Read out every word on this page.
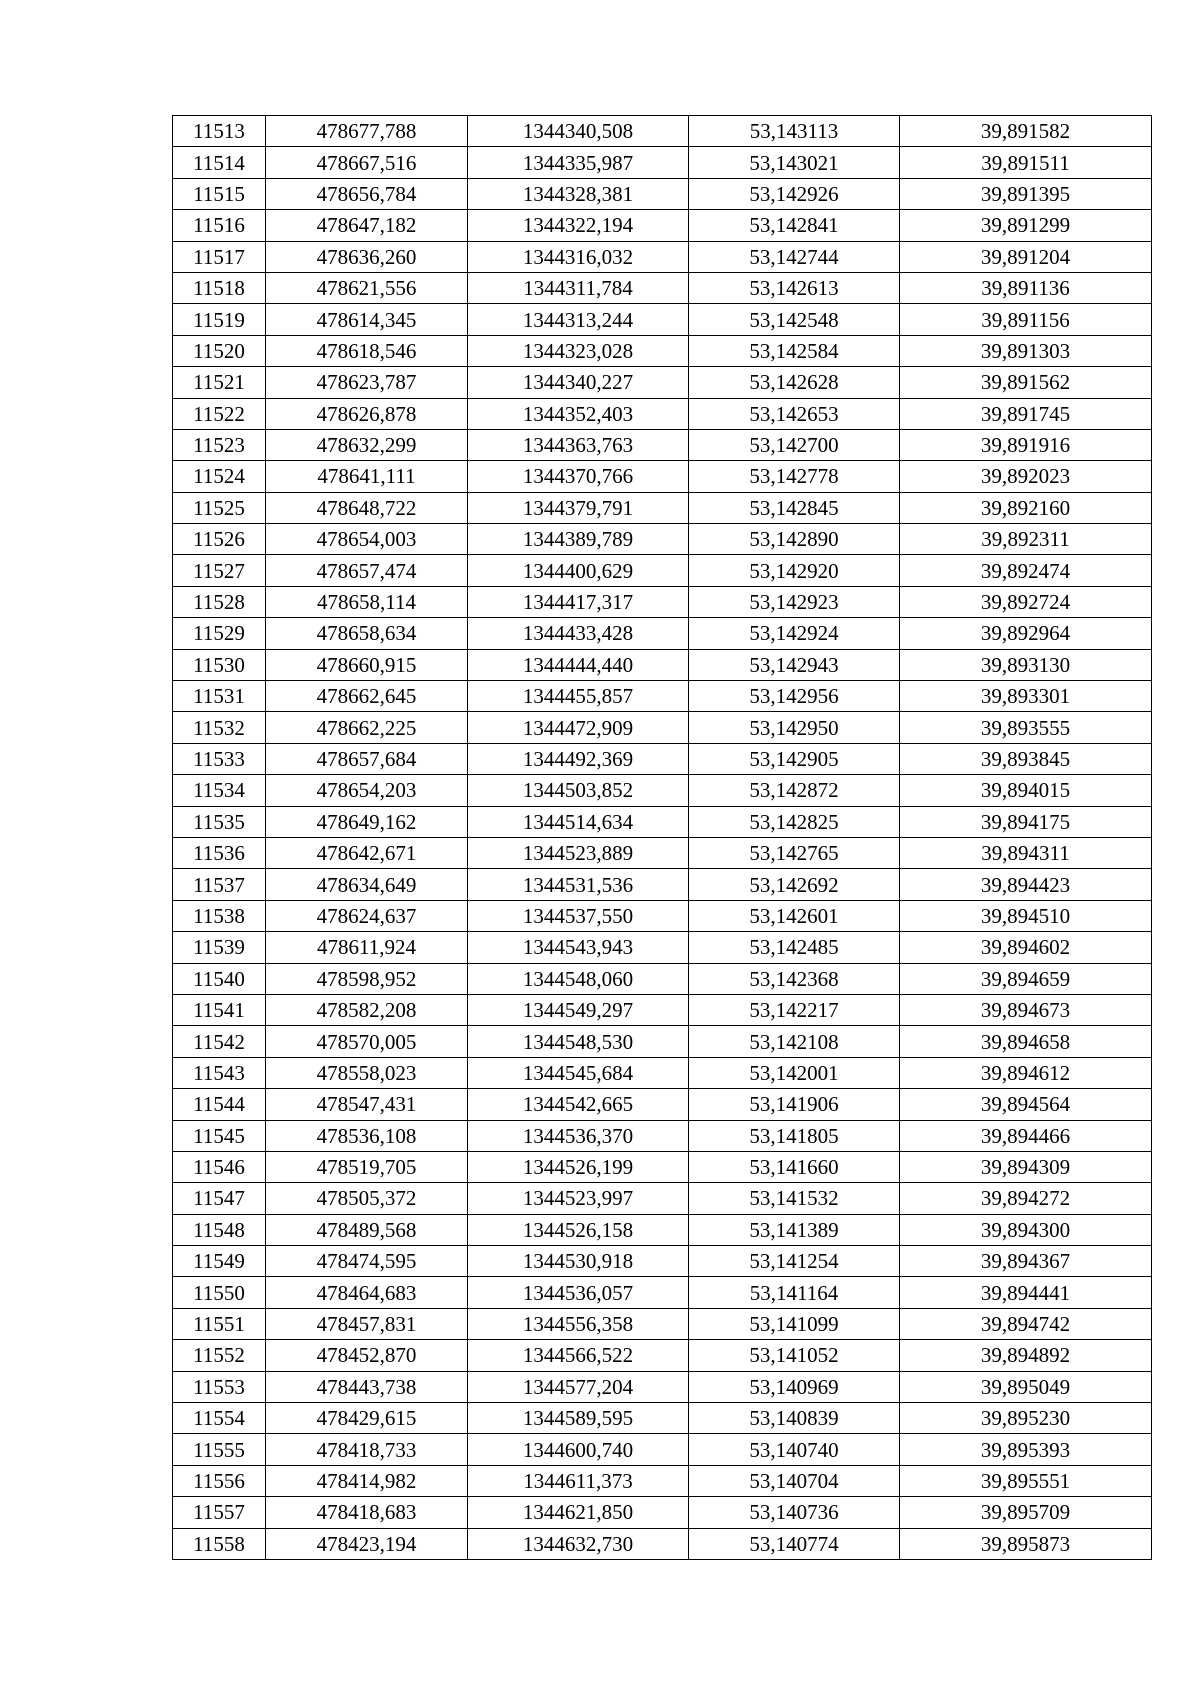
11513	478677,788	1344340,508	53,143113	39,891582
11514	478667,516	1344335,987	53,143021	39,891511
11515	478656,784	1344328,381	53,142926	39,891395
11516	478647,182	1344322,194	53,142841	39,891299
11517	478636,260	1344316,032	53,142744	39,891204
11518	478621,556	1344311,784	53,142613	39,891136
11519	478614,345	1344313,244	53,142548	39,891156
11520	478618,546	1344323,028	53,142584	39,891303
11521	478623,787	1344340,227	53,142628	39,891562
11522	478626,878	1344352,403	53,142653	39,891745
11523	478632,299	1344363,763	53,142700	39,891916
11524	478641,111	1344370,766	53,142778	39,892023
11525	478648,722	1344379,791	53,142845	39,892160
11526	478654,003	1344389,789	53,142890	39,892311
11527	478657,474	1344400,629	53,142920	39,892474
11528	478658,114	1344417,317	53,142923	39,892724
11529	478658,634	1344433,428	53,142924	39,892964
11530	478660,915	1344444,440	53,142943	39,893130
11531	478662,645	1344455,857	53,142956	39,893301
11532	478662,225	1344472,909	53,142950	39,893555
11533	478657,684	1344492,369	53,142905	39,893845
11534	478654,203	1344503,852	53,142872	39,894015
11535	478649,162	1344514,634	53,142825	39,894175
11536	478642,671	1344523,889	53,142765	39,894311
11537	478634,649	1344531,536	53,142692	39,894423
11538	478624,637	1344537,550	53,142601	39,894510
11539	478611,924	1344543,943	53,142485	39,894602
11540	478598,952	1344548,060	53,142368	39,894659
11541	478582,208	1344549,297	53,142217	39,894673
11542	478570,005	1344548,530	53,142108	39,894658
11543	478558,023	1344545,684	53,142001	39,894612
11544	478547,431	1344542,665	53,141906	39,894564
11545	478536,108	1344536,370	53,141805	39,894466
11546	478519,705	1344526,199	53,141660	39,894309
11547	478505,372	1344523,997	53,141532	39,894272
11548	478489,568	1344526,158	53,141389	39,894300
11549	478474,595	1344530,918	53,141254	39,894367
11550	478464,683	1344536,057	53,141164	39,894441
11551	478457,831	1344556,358	53,141099	39,894742
11552	478452,870	1344566,522	53,141052	39,894892
11553	478443,738	1344577,204	53,140969	39,895049
11554	478429,615	1344589,595	53,140839	39,895230
11555	478418,733	1344600,740	53,140740	39,895393
11556	478414,982	1344611,373	53,140704	39,895551
11557	478418,683	1344621,850	53,140736	39,895709
11558	478423,194	1344632,730	53,140774	39,895873
